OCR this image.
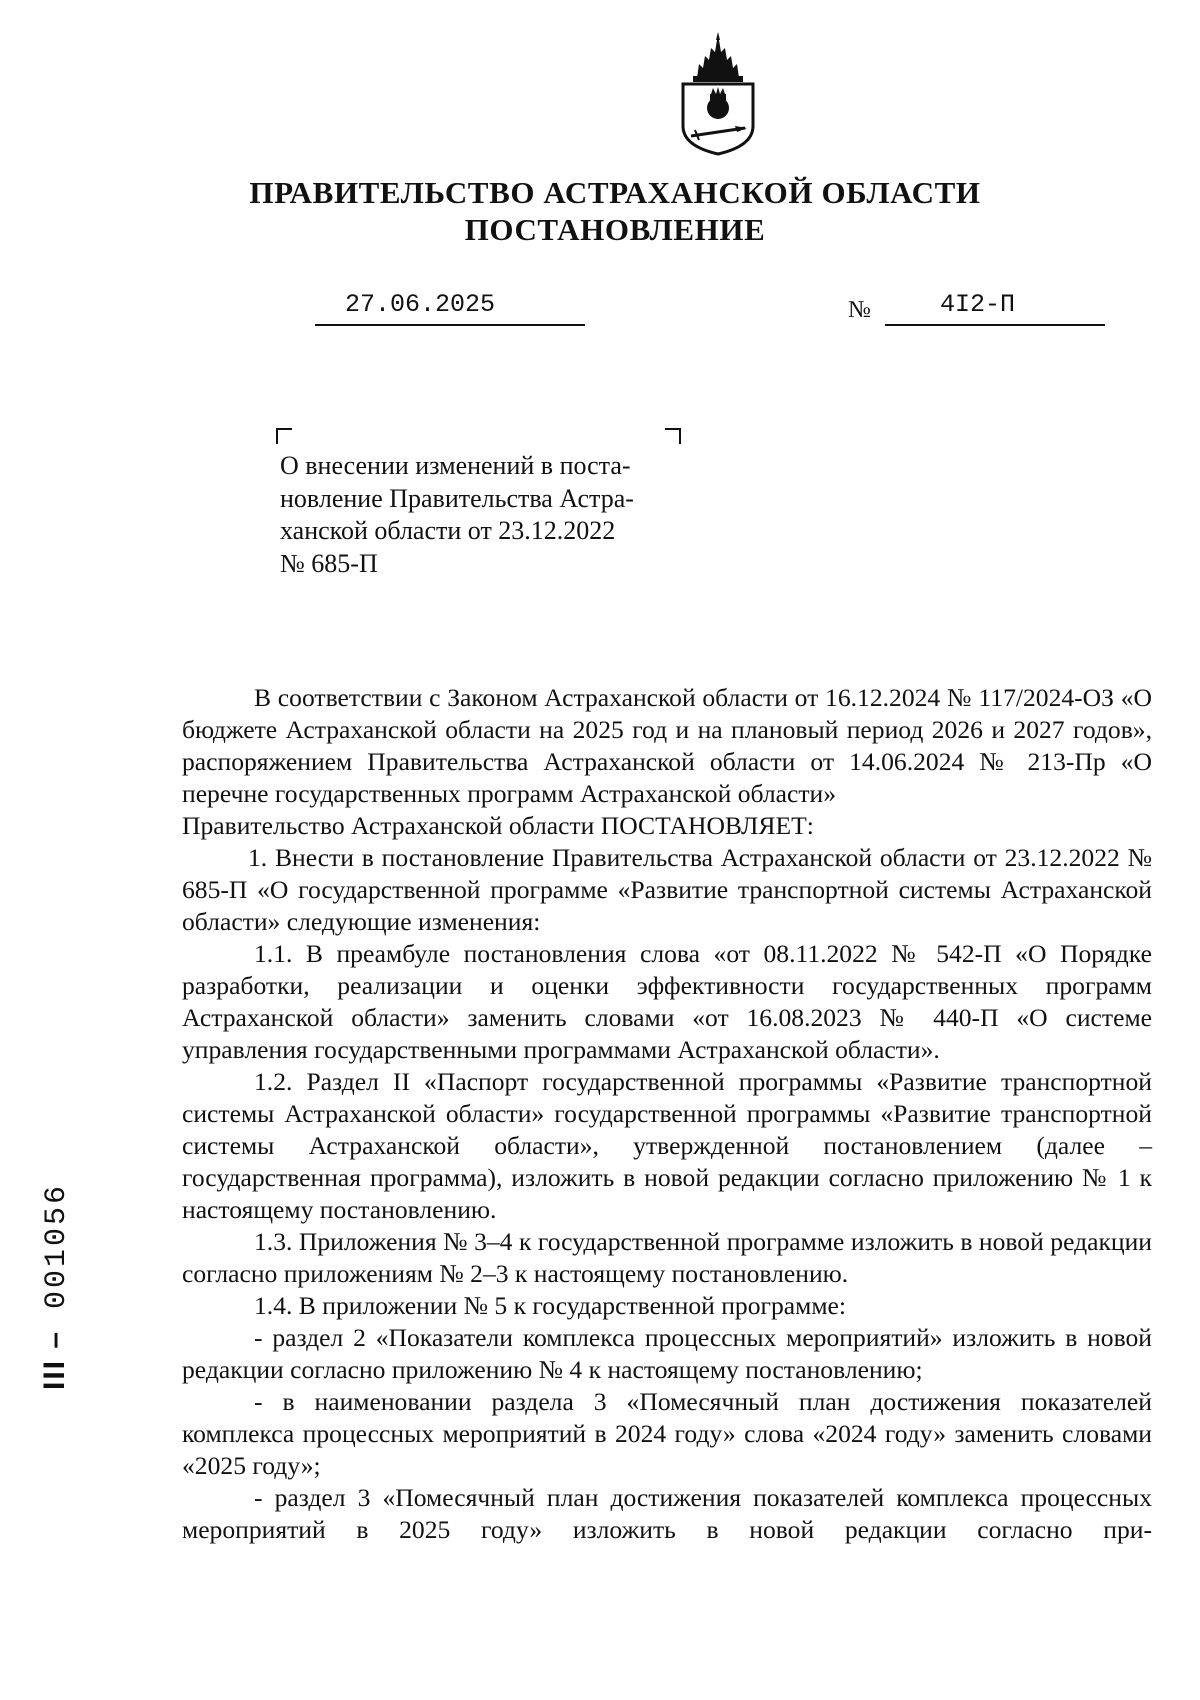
ПРАВИТЕЛЬСТВО АСТРАХАНСКОЙ ОБЛАСТИ
ПОСТАНОВЛЕНИЕ
27.06.2025	№	4I2-П
О внесении изменений в поста-
новление Правительства Астра-
ханской области от 23.12.2022
№ 685-П

В соответствии с Законом Астраханской области от 16.12.2024 № 117/2024-ОЗ «О бюджете Астраханской области на 2025 год и на плановый период 2026 и 2027 годов», распоряжением Правительства Астраханской области от 14.06.2024 № 213-Пр «О перечне государственных программ Астраханской области»

Правительство Астраханской области ПОСТАНОВЛЯЕТ:

1. Внести в постановление Правительства Астраханской области от 23.12.2022 № 685-П «О государственной программе «Развитие транспортной системы Астраханской области» следующие изменения:

1.1. В преамбуле постановления слова «от 08.11.2022 № 542-П «О Порядке разработки, реализации и оценки эффективности государственных программ Астраханской области» заменить словами «от 16.08.2023 № 440-П «О системе управления государственными программами Астраханской области».

1.2. Раздел II «Паспорт государственной программы «Развитие транспортной системы Астраханской области» государственной программы «Развитие транспортной системы Астраханской области», утвержденной постановлением (далее – государственная программа), изложить в новой редакции согласно приложению № 1 к настоящему постановлению.

1.3. Приложения № 3–4 к государственной программе изложить в новой редакции согласно приложениям № 2–3 к настоящему постановлению.

1.4. В приложении № 5 к государственной программе:

- раздел 2 «Показатели комплекса процессных мероприятий» изложить в новой редакции согласно приложению № 4 к настоящему постановлению;

- в наименовании раздела 3 «Помесячный план достижения показателей комплекса процессных мероприятий в 2024 году» слова «2024 году» заменить словами «2025 году»;

- раздел 3 «Помесячный план достижения показателей комплекса процессных мероприятий в 2025 году» изложить в новой редакции согласно при-

ІІІ – 001056
